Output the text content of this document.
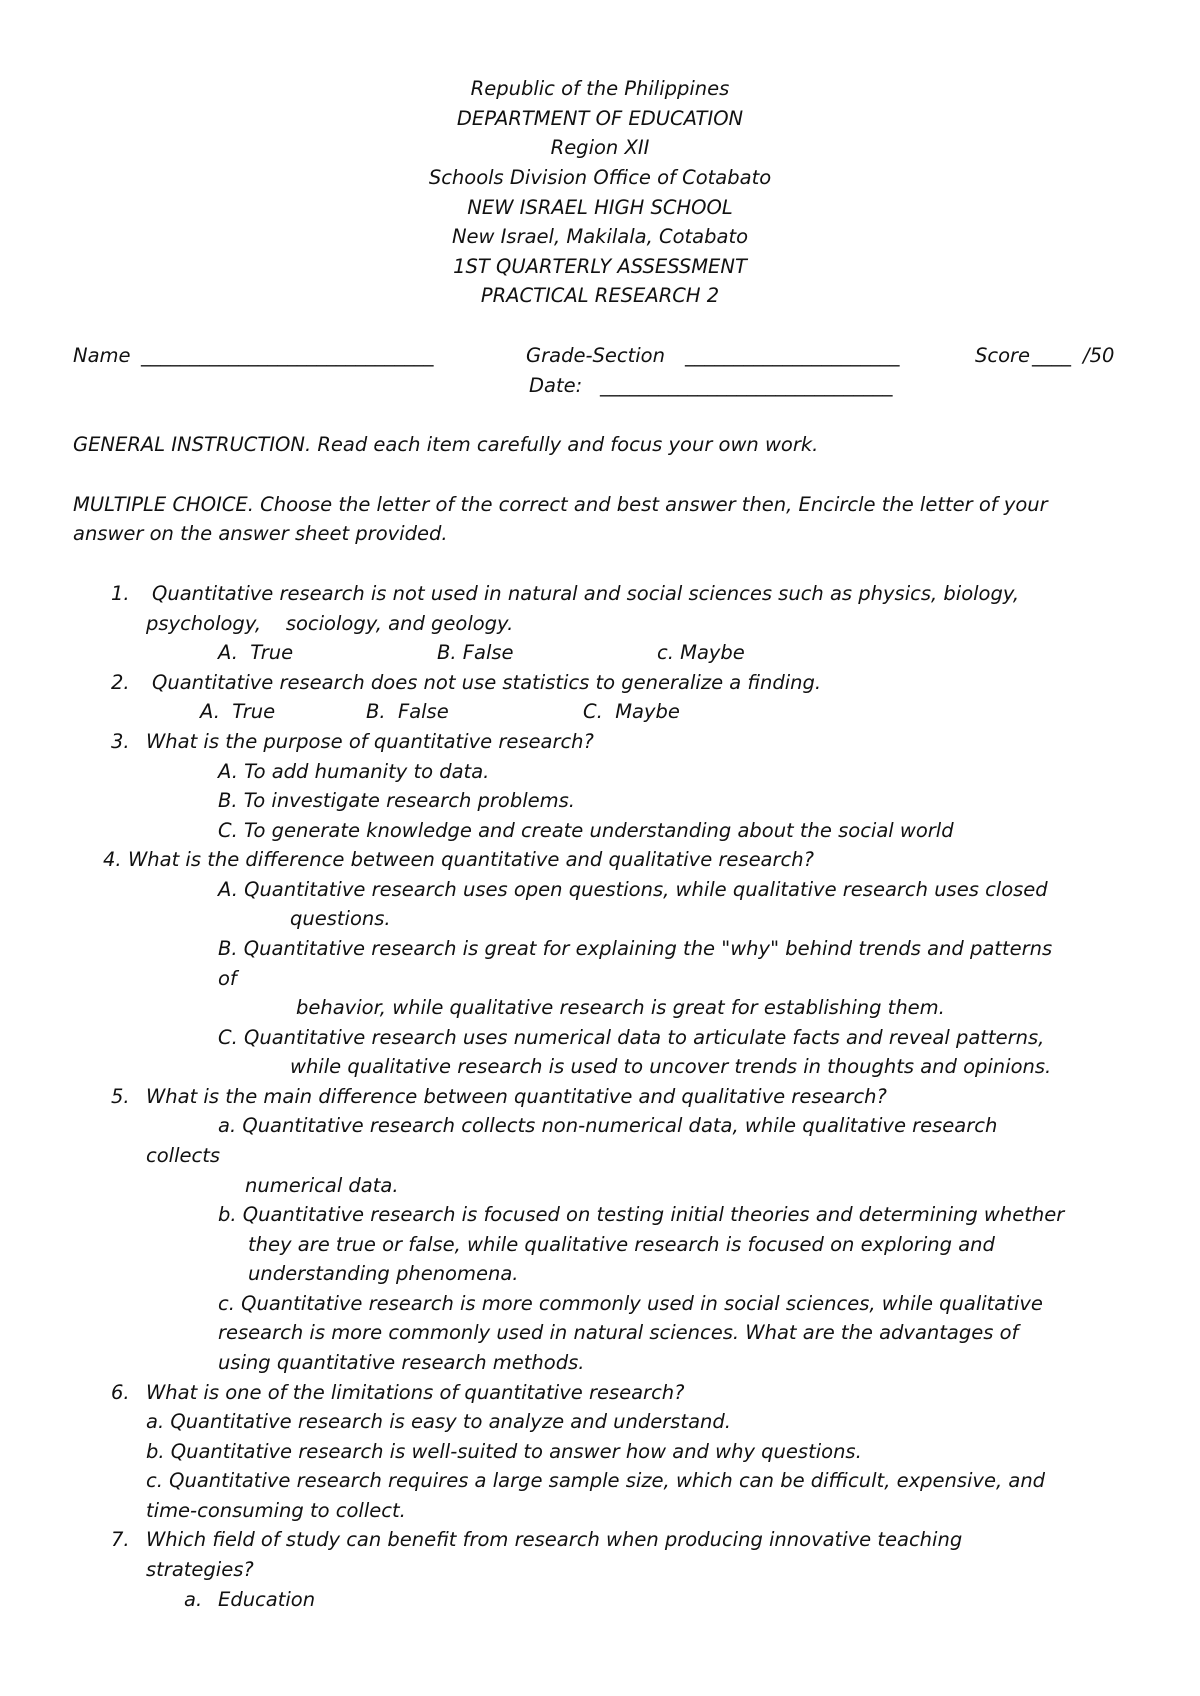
Republic of the Philippines
DEPARTMENT OF EDUCATION
Region XII
Schools Division Office of Cotabato
NEW ISRAEL HIGH SCHOOL
New Israel, Makilala, Cotabato
1ST QUARTERLY ASSESSMENT
PRACTICAL RESEARCH 2
Name ______________________________	Grade-Section ______________________	Score ____ /50
Date: ______________________________
GENERAL INSTRUCTION. Read each item carefully and focus your own work.
MULTIPLE CHOICE. Choose the letter of the correct and best answer then, Encircle the letter of your
answer on the answer sheet provided.
1. Quantitative research is not used in natural and social sciences such as physics, biology,
psychology,    sociology, and geology.
A.  True	B. False	c. Maybe
2. Quantitative research does not use statistics to generalize a finding.
A.  True	B.  False	C.  Maybe
3. What is the purpose of quantitative research?
A. To add humanity to data.
B. To investigate research problems.
C. To generate knowledge and create understanding about the social world
4. What is the difference between quantitative and qualitative research?
A. Quantitative research uses open questions, while qualitative research uses closed
questions.
B. Quantitative research is great for explaining the "why" behind trends and patterns
of
behavior, while qualitative research is great for establishing them.
C. Quantitative research uses numerical data to articulate facts and reveal patterns,
while qualitative research is used to uncover trends in thoughts and opinions.
5. What is the main difference between quantitative and qualitative research?
a. Quantitative research collects non-numerical data, while qualitative research
collects
numerical data.
b. Quantitative research is focused on testing initial theories and determining whether
they are true or false, while qualitative research is focused on exploring and
understanding phenomena.
c. Quantitative research is more commonly used in social sciences, while qualitative
research is more commonly used in natural sciences. What are the advantages of
using quantitative research methods.
6. What is one of the limitations of quantitative research?
a. Quantitative research is easy to analyze and understand.
b. Quantitative research is well-suited to answer how and why questions.
c. Quantitative research requires a large sample size, which can be difficult, expensive, and
time-consuming to collect.
7. Which field of study can benefit from research when producing innovative teaching
strategies?
a. Education
